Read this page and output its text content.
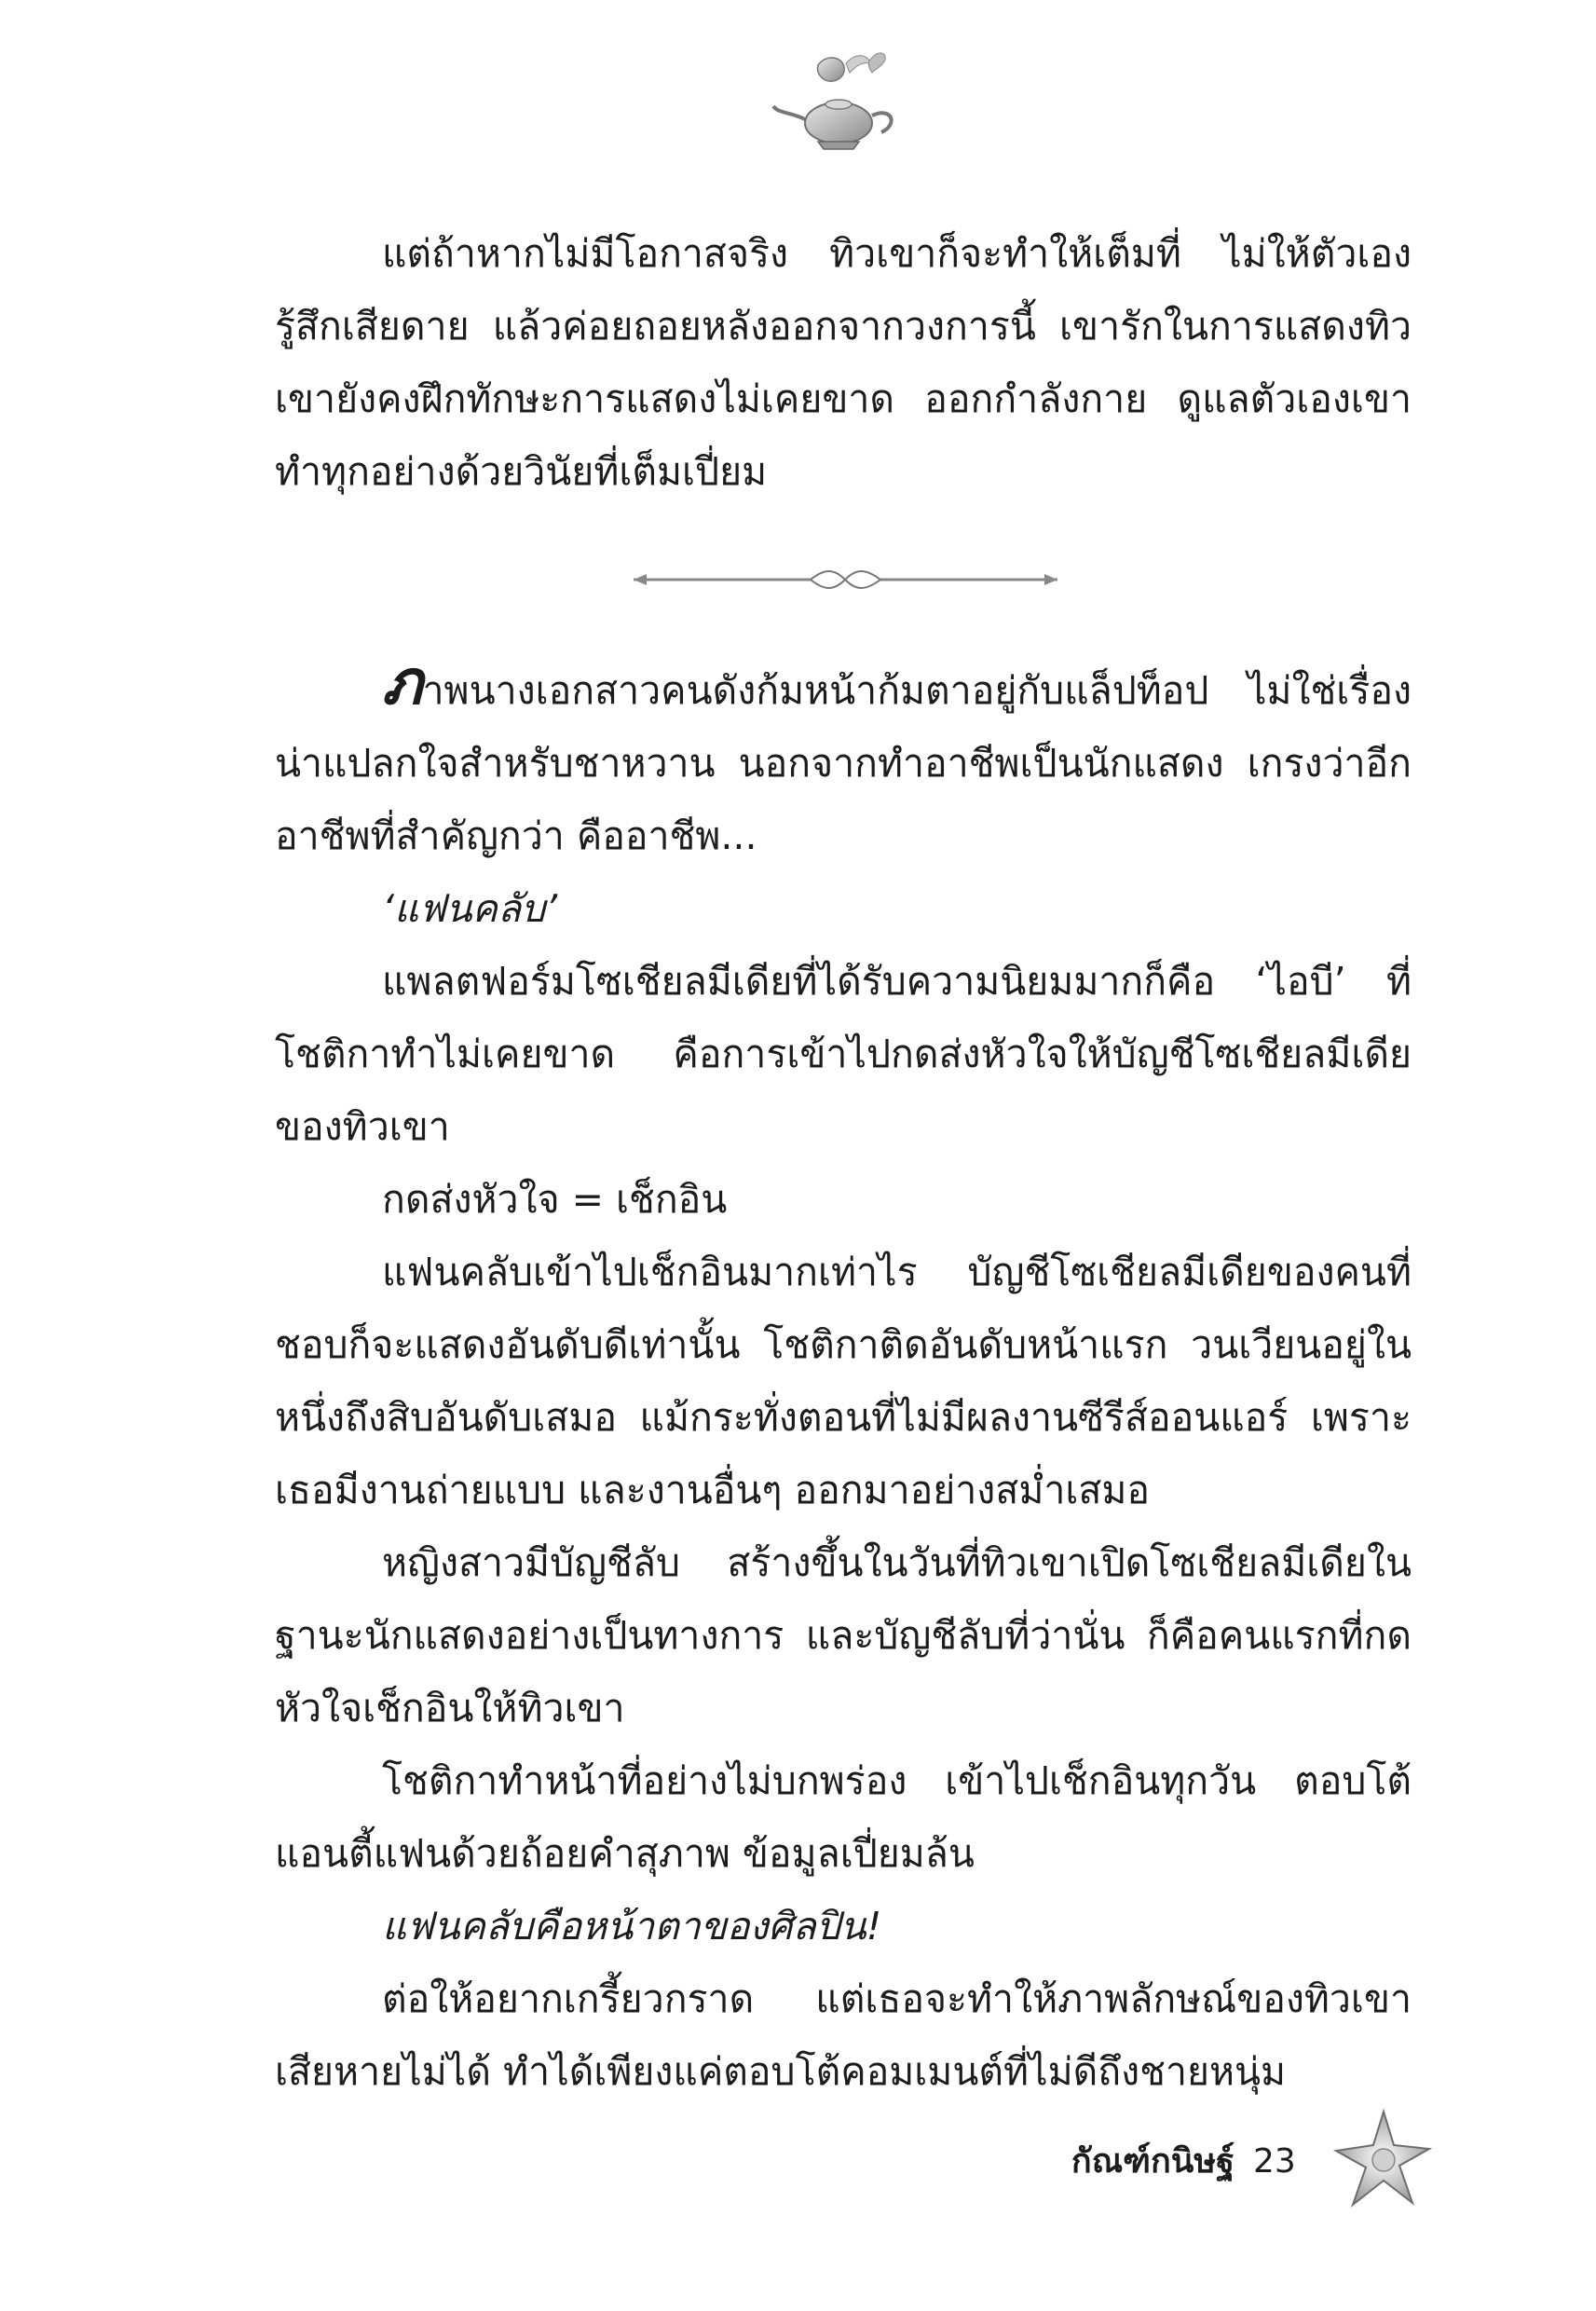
แต่ถ้าหากไม่มีโอกาสจริง ทิวเขาก็จะทำให้เต็มที่ ไม่ให้ตัวเองรู้สึกเสียดาย แล้วค่อยถอยหลังออกจากวงการนี้ เขารักในการแสดงทิวเขายังคงฝึกทักษะการแสดงไม่เคยขาด ออกกำลังกาย ดูแลตัวเองเขาทำทุกอย่างด้วยวินัยที่เต็มเปี่ยม

ภาพนางเอกสาวคนดังก้มหน้าก้มตาอยู่กับแล็ปท็อป ไม่ใช่เรื่องน่าแปลกใจสำหรับชาหวาน นอกจากทำอาชีพเป็นนักแสดง เกรงว่าอีกอาชีพที่สำคัญกว่า คืออาชีพ...

‘แฟนคลับ’

แพลตฟอร์มโซเชียลมีเดียที่ได้รับความนิยมมากก็คือ ‘ไอบี’ ที่โชติกาทำไม่เคยขาด คือการเข้าไปกดส่งหัวใจให้บัญชีโซเชียลมีเดียของทิวเขา

กดส่งหัวใจ = เช็กอิน

แฟนคลับเข้าไปเช็กอินมากเท่าไร บัญชีโซเชียลมีเดียของคนที่ชอบก็จะแสดงอันดับดีเท่านั้น โชติกาติดอันดับหน้าแรก วนเวียนอยู่ในหนึ่งถึงสิบอันดับเสมอ แม้กระทั่งตอนที่ไม่มีผลงานซีรีส์ออนแอร์ เพราะเธอมีงานถ่ายแบบ และงานอื่นๆ ออกมาอย่างสม่ำเสมอ

หญิงสาวมีบัญชีลับ สร้างขึ้นในวันที่ทิวเขาเปิดโซเชียลมีเดียในฐานะนักแสดงอย่างเป็นทางการ และบัญชีลับที่ว่านั่น ก็คือคนแรกที่กดหัวใจเช็กอินให้ทิวเขา

โชติกาทำหน้าที่อย่างไม่บกพร่อง เข้าไปเช็กอินทุกวัน ตอบโต้แอนตี้แฟนด้วยถ้อยคำสุภาพ ข้อมูลเปี่ยมล้น

แฟนคลับคือหน้าตาของศิลปิน!

ต่อให้อยากเกรี้ยวกราด แต่เธอจะทำให้ภาพลักษณ์ของทิวเขาเสียหายไม่ได้ ทำได้เพียงแค่ตอบโต้คอมเมนต์ที่ไม่ดีถึงชายหนุ่ม

กัณฑ์กนิษฐ์ 23
